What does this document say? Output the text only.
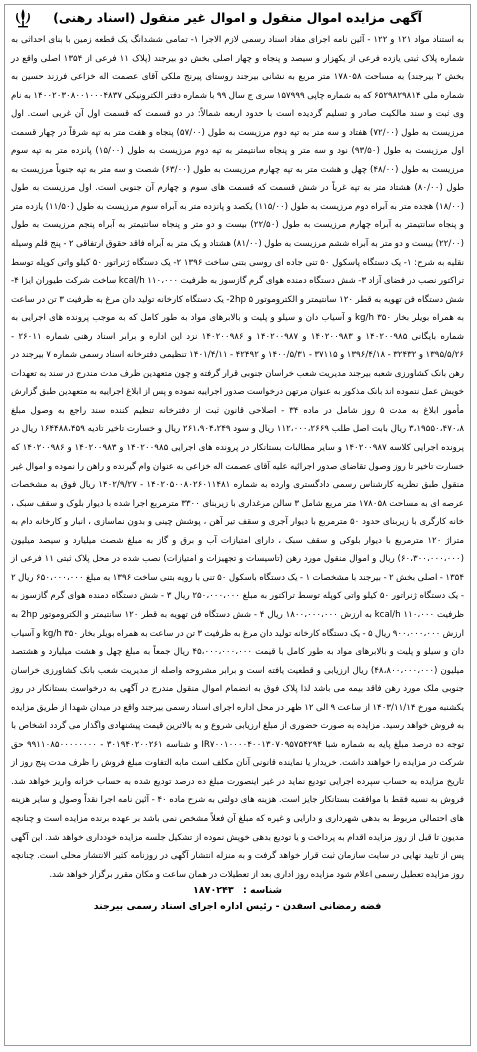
آگهی مزایده اموال منقول و اموال غیر منقول (اسناد رهنی)
به استناد مواد ۱۲۱ و ۱۲۲ - آئین نامه اجرای مفاد اسناد رسمی لازم الاجرا ۱- تمامی ششدانگ یک قطعه زمین با بنای احداثی به شماره پلاک ثبتی یازده فرعی از یکهزار و سیصد و پنجاه و چهار اصلی بخش دو بیرجند (پلاک ۱۱ فرعی از ۱۳۵۴ اصلی واقع در بخش ۲ بیرجند) به مساحت ۱۷۸۰۵۸ متر مربع به نشانی بیرجند روستای پیرنج ملکی آقای عصمت اله خزاعی فرزند حسین به شماره ملی ۶۵۲۹۸۲۹۸۱۴ که به شماره چاپی ۱۵۷۹۹۹ سری ج سال ۹۹ با شماره دفتر الکترونیکی ۱۴۰۰۲۰۳۰۸۰۰۱۰۰۰۴۸۳۷ به نام وی ثبت و سند مالکیت صادر و تسلیم گردیده است با حدود اربعه شمالاً: در دو قسمت که قسمت اول آن غربی است. اول مرزیست به طول (۷۲/۰۰) هفتاد و سه متر به تپه دوم مرزیست به طول (۵۷/۰۰) پنجاه و هفت متر به تپه شرقاً در چهار قسمت اول مرزیست به طول (۹۳/۵۰) نود و سه متر و پنجاه سانتیمتر به تپه دوم مرزیست به طول (۱۵/۰۰) پانزده متر به تپه سوم مرزیست به طول (۴۸/۰۰) چهل و هشت متر به تپه چهارم مرزیست به طول (۶۳/۰۰) شصت و سه متر به تپه جنوباً مرزیست به طول (۸۰/۰۰) هشتاد متر به تپه غرباً در شش قسمت که قسمت های سوم و چهارم آن جنوبی است. اول مرزیست به طول (۱۸/۰۰) هجده متر به آبراه دوم مرزیست به طول (۱۱۵/۰۰) یکصد و پانزده متر به آبراه سوم مرزیست به طول (۱۱/۵۰) یازده متر و پنجاه سانتیمتر به آبراه چهارم مرزیست به طول (۲۲/۵۰) بیست و دو متر و پنجاه سانتیمتر به آبراه پنجم مرزیست به طول (۲۲/۰۰) بیست و دو متر به آبراه ششم مرزیست به طول (۸۱/۰۰) هشتاد و یک متر به آبراه فاقد حقوق ارتفاقی ۲ - پنج قلم وسیله نقلیه به شرح: ۱- یک دستگاه پاسکول ۵۰ تنی جاده ای روسی بتنی ساخت ۱۳۹۶ ۲- یک دستگاه ژنراتور ۵۰ کیلو واتی کوپله توسط تراکتور نصب در فضای آزاد ۳- شش دستگاه دمنده هوای گرم گازسوز به ظرفیت ۱۱۰،۰۰۰ kcal/h ساخت شرکت طیوران ایزا ۴- شش دستگاه فن تهویه به قطر ۱۲۰ سانتیمتر و الکتروموتور 2hp ۵- یک دستگاه کارخانه تولید دان مرغ به ظرفیت ۳ تن در ساعت به همراه بویلر بخار ۳۵۰ kg/h و آسیاب دان و سیلو و پلیت و بالابرهای مواد به طور کامل که به موجب پرونده های اجرایی به شماره بایگانی ۱۴۰۲۰۰۹۸۵ و ۱۴۰۲۰۰۹۸۳ و ۱۴۰۲۰۰۹۸۷ و ۱۴۰۲۰۰۹۸۶ نزد این اداره و برابر اسناد رهنی شماره ۲۶۰۱۱ - ۱۳۹۵/۵/۲۶ و ۳۲۴۳۲ - ۱۳۹۶/۴/۱۸ و ۳۷۱۱۵ - ۱۴۰۰/۵/۳۱ و ۴۲۴۹۲ - ۱۴۰۱/۴/۱۱ تنظیمی دفترخانه اسناد رسمی شماره ۷ بیرجند در رهن بانک کشاورزی شعبه بیرجند مدیریت شعب خراسان جنوبی قرار گرفته و چون متعهدین ظرف مدت مندرج در سند به تعهدات خویش عمل ننموده اند بانک مذکور به عنوان مرتهن درخواست صدور اجراییه نموده و پس از ابلاغ اجراییه به متعهدین طبق گزارش مأمور ابلاغ به مدت ۵ روز شامل در ماده ۳۴ - اصلاحی قانون ثبت از دفترخانه تنظیم کننده سند راجع به وصول مبلغ ۳،۱۹۵۵۰،۴۷۰،۸ ریال بابت اصل طلب ۱۱۲،۰۰۰،۲۶۶۹ ریال و سود ۲۶۱،۹۰۴،۲۴۹ ریال و خسارت تاخیر تادیه ۱۶۴۴۸۸،۴۵۹ ریال در پرونده اجرایی کلاسه ۱۴۰۲۰۰۹۸۷ و سایر مطالبات بستانکار در پرونده های اجرایی ۱۴۰۲۰۰۹۸۵ و ۱۴۰۲۰۰۹۸۳ و ۱۴۰۲۰۰۹۸۶ که خسارت تاخیر تا روز وصول تقاضای صدور اجرائیه علیه آقای عصمت اله خزاعی به عنوان وام گیرنده و راهن را نموده و اموال غیر منقول طبق نظریه کارشناس رسمی دادگستری وارده به شماره ۱۴۰۲۰۵۰۰۸۰۲۶۰۱۱۴۸۱ - ۱۴۰۲/۹/۲۷ ریال فوق به مشخصات عرصه ای به مساحت ۱۷۸۰۵۸ متر مربع شامل ۳ سالن مرغداری با زیربنای ۳۳۰۰ مترمربع اجرا شده با دیوار بلوک و سقف سبک ، خانه کارگری با زیربنای حدود ۵۰ مترمربع با دیوار آجری و سقف تیر آهن ، پوشش چینی و بدون نماسازی ، انبار و کارخانه دام به متراژ ۱۲۰ مترمربع با دیوار بلوکی و سقف سبک ، دارای امتیازات آب و برق و گاز به مبلغ شصت میلیارد و سیصد میلیون (۶۰،۳۰۰،۰۰۰،۰۰۰) ریال و اموال منقول مورد رهن (تاسیسات و تجهیزات و امتیازات) نصب شده در محل پلاک ثبتی ۱۱ فرعی از ۱۳۵۴ - اصلی بخش ۲ - بیرجند با مشخصات ۱ - یک دستگاه باسکول ۵۰ تنی با رویه بتنی ساخت ۱۳۹۶ به مبلغ ۶۵۰،۰۰۰،۰۰۰ ریال ۲ - یک دستگاه ژنراتور ۵۰ کیلو واتی کوپله توسط تراکتور به مبلغ ۲۵۰،۰۰۰،۰۰۰ ریال ۳ - شش دستگاه دمنده هوای گرم گازسوز به ظرفیت ۱۱۰،۰۰۰ kcal/h به ارزش ۱۸۰۰،۰۰۰،۰۰۰ ریال ۴ - شش دستگاه فن تهویه به قطر ۱۲۰ سانتیمتر و الکتروموتور 2hp به ارزش ۹۰۰،۰۰۰،۰۰۰ ریال ۵ - یک دستگاه کارخانه تولید دان مرغ به ظرفیت ۳ تن در ساعت به همراه بویلر بخار ۳۵۰ kg/h و آسیاب دان و سیلو و پلیت و بالابرهای مواد به طور کامل با قیمت ۴۵،۰۰۰،۰۰۰،۰۰۰ ریال جمعاً به مبلغ چهل و هشت میلیارد و هشتصد میلیون (۴۸،۸۰۰،۰۰۰،۰۰۰) ریال ارزیابی و قطعیت یافته است و برابر مشروحه واصله از مدیریت شعب بانک کشاورزی خراسان جنوبی ملک مورد رهن فاقد بیمه می باشد لذا پلاک فوق به انضمام اموال منقول مندرج در آگهی به درخواست بستانکار در روز یکشنبه مورخ ۱۴۰۳/۱۱/۱۴ از ساعت ۹ الی ۱۲ ظهر در محل اداره اجرای اسناد رسمی بیرجند واقع در میدان شهدا از طریق مزایده به فروش خواهد رسید. مزایده به صورت حضوری از مبلغ ارزیابی شروع و به بالاترین قیمت پیشنهادی واگذار می گردد اشخاص با توجه ده درصد مبلغ پایه به شماره شبا IR۷۰۰۱۰۰۰۰۴۰۰۱۳۰۷۰۹۵۷۵۴۲۹۴ و شناسه ۳۰۱۹۴۰۲۰۰۲۶۱ - ۹۹۱۱۰۸۵۰۰۰۰۰۰۰۰ حق شرکت در مزایده را خواهند داشت. خریدار یا نماینده قانونی آنان مکلف است مابه التفاوت مبلغ فروش را ظرف مدت پنج روز از تاریخ مزایده به حساب سپرده اجرایی تودیع نماید در غیر اینصورت مبلغ ده درصد تودیع شده به حساب خزانه واریز خواهد شد. فروش به نسیه فقط با موافقت بستانکار جایز است. هزینه های دولتی به شرح ماده ۴۰ - آئین نامه اجرا نقداً وصول و سایر هزینه های احتمالی مربوط به بدهی شهرداری و دارایی و غیره که مبلغ آن فعلاً مشخص نمی باشد بر عهده برنده مزایده است و چنانچه مدیون تا قبل از روز مزایده اقدام به پرداخت و یا تودیع بدهی خویش نموده از تشکیل جلسه مزایده خودداری خواهد شد. این آگهی پس از تایید نهایی در سایت سازمان ثبت قرار خواهد گرفت و به منزله انتشار آگهی در روزنامه کثیر الانتشار محلی است. چنانچه روز مزایده تعطیل رسمی اعلام شود مزایده روز اداری بعد از تعطیلات در همان ساعت و مکان مقرر برگزار خواهد شد.
شناسه : ۱۸۷۰۲۴۳
فضه رمضانی اسفدن - رئیس اداره اجرای اسناد رسمی بیرجند
